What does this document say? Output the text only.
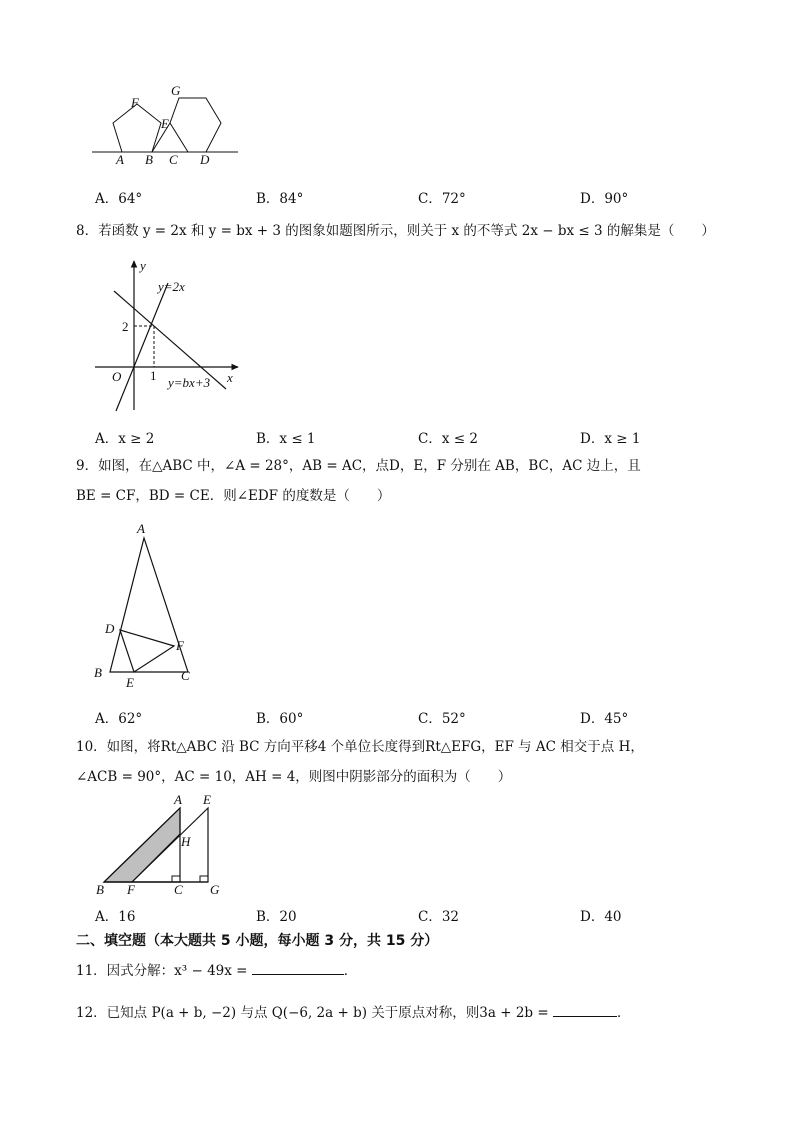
F
G
E
A B C D
A．64°	B．84°	C．72°	D．90°
8．若函数 y = 2x 和 y = bx + 3 的图象如题图所示，则关于 x 的不等式 2x − bx ≤ 3 的解集是（　　）
y
x
O
2
1
y=2x
y=bx+3
A．x ≥ 2	B．x ≤ 1	C．x ≤ 2	D．x ≥ 1
9．如图，在△ABC 中，∠A = 28°，AB = AC，点D，E，F 分别在 AB，BC，AC 边上，且
BE = CF，BD = CE．则∠EDF 的度数是（　　）
A
D
F
B
E	C
A．62°	B．60°	C．52°	D．45°
10．如图，将Rt△ABC 沿 BC 方向平移4 个单位长度得到Rt△EFG，EF 与 AC 相交于点 H，
∠ACB = 90°，AC = 10，AH = 4，则图中阴影部分的面积为（　　）
A E
H
B F	C G
A．16	B．20	C．32	D．40
二、填空题（本大题共 5 小题，每小题 3 分，共 15 分）
11．因式分解：x³ − 49x =	．
12．已知点 P(a + b, −2) 与点 Q(−6, 2a + b) 关于原点对称，则3a + 2b =	．
